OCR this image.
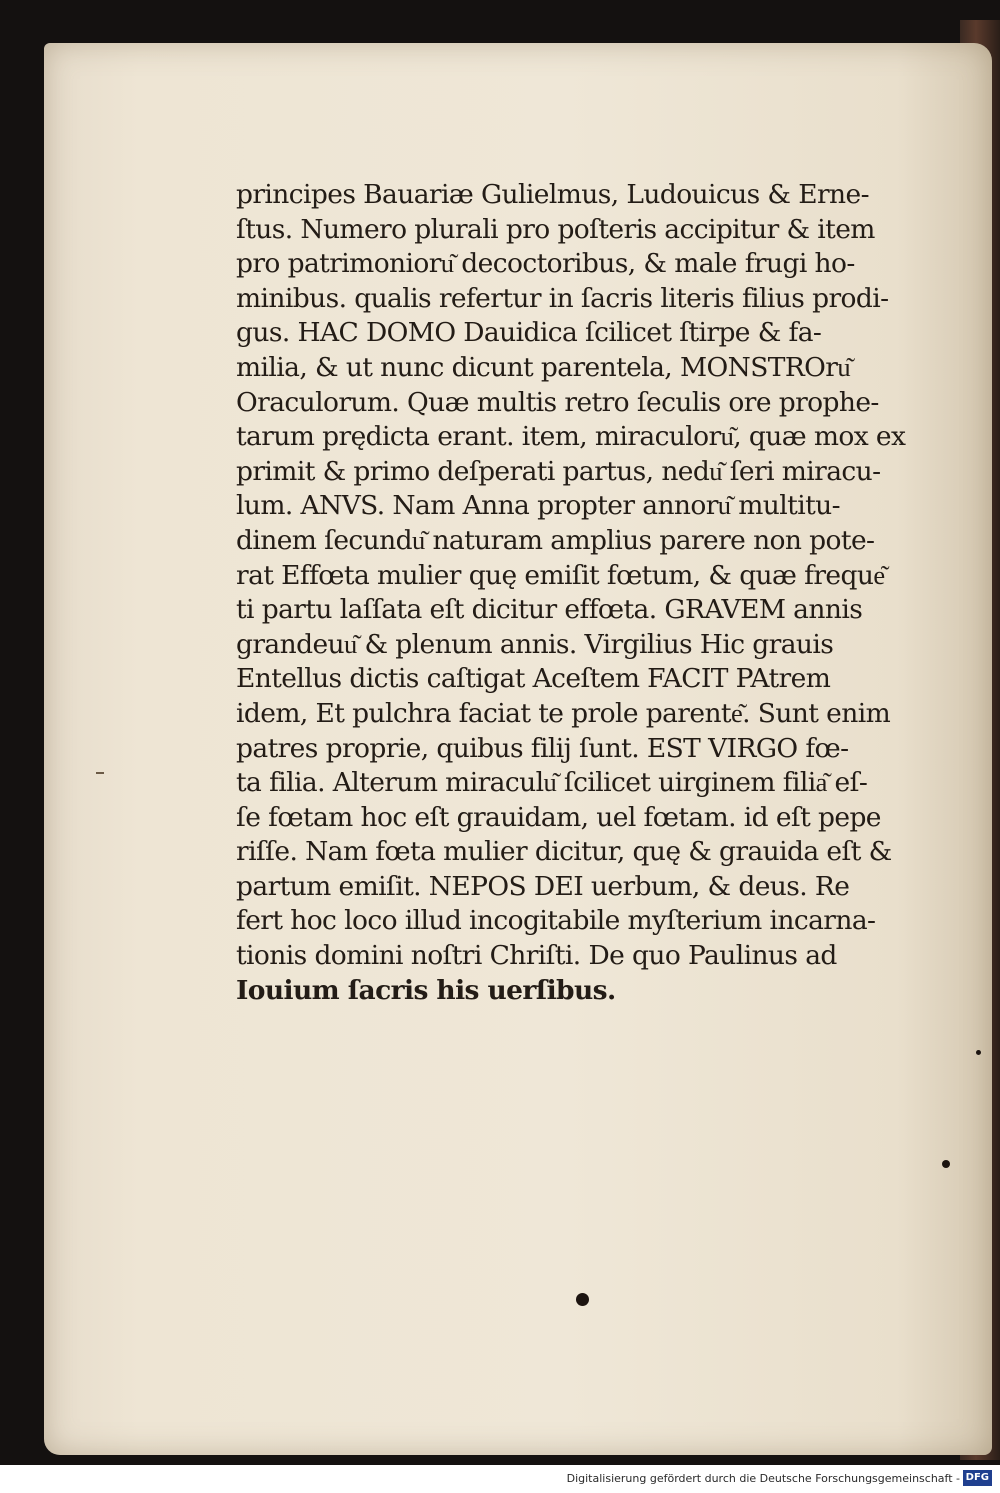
principes Bauariæ Gulielmus, Ludouicus & Erne-
ſtus. Numero plurali pro poſteris accipitur & item
pro patrimonioru͂ decoctoribus, & male frugi ho-
minibus. qualis refertur in ſacris literis filius prodi-
gus. HAC DOMO Dauidica ſcilicet ſtirpe & fa-
milia, & ut nunc dicunt parentela, MONSTROru͂
Oraculorum. Quæ multis retro ſeculis ore prophe-
tarum prędicta erant. item, miraculoru͂, quæ mox ex
primit & primo deſperati partus, nedu͂ ſeri miracu-
lum. ANVS. Nam Anna propter annoru͂ multitu-
dinem ſecundu͂ naturam amplius parere non pote-
rat Effœta mulier quę emiſit fœtum, & quæ freque͂
ti partu laſſata eſt dicitur effœta. GRAVEM annis
grandeuu͂ & plenum annis. Virgilius Hic grauis
Entellus dictis caſtigat Aceſtem FACIT PAtrem
idem, Et pulchra faciat te prole parente͂. Sunt enim
patres proprie, quibus filij ſunt. EST VIRGO fœ-
ta filia. Alterum miraculu͂ ſcilicet uirginem filia͂ eſ-
ſe fœtam hoc eſt grauidam, uel fœtam. id eſt pepe
riſſe. Nam fœta mulier dicitur, quę & grauida eſt &
partum emiſit. NEPOS DEI uerbum, & deus. Re
fert hoc loco illud incogitabile myſterium incarna-
tionis domini noſtri Chriſti. De quo Paulinus ad
Iouium ſacris his uerſibus.
Digitalisierung gefördert durch die Deutsche Forschungsgemeinschaft - DFG
